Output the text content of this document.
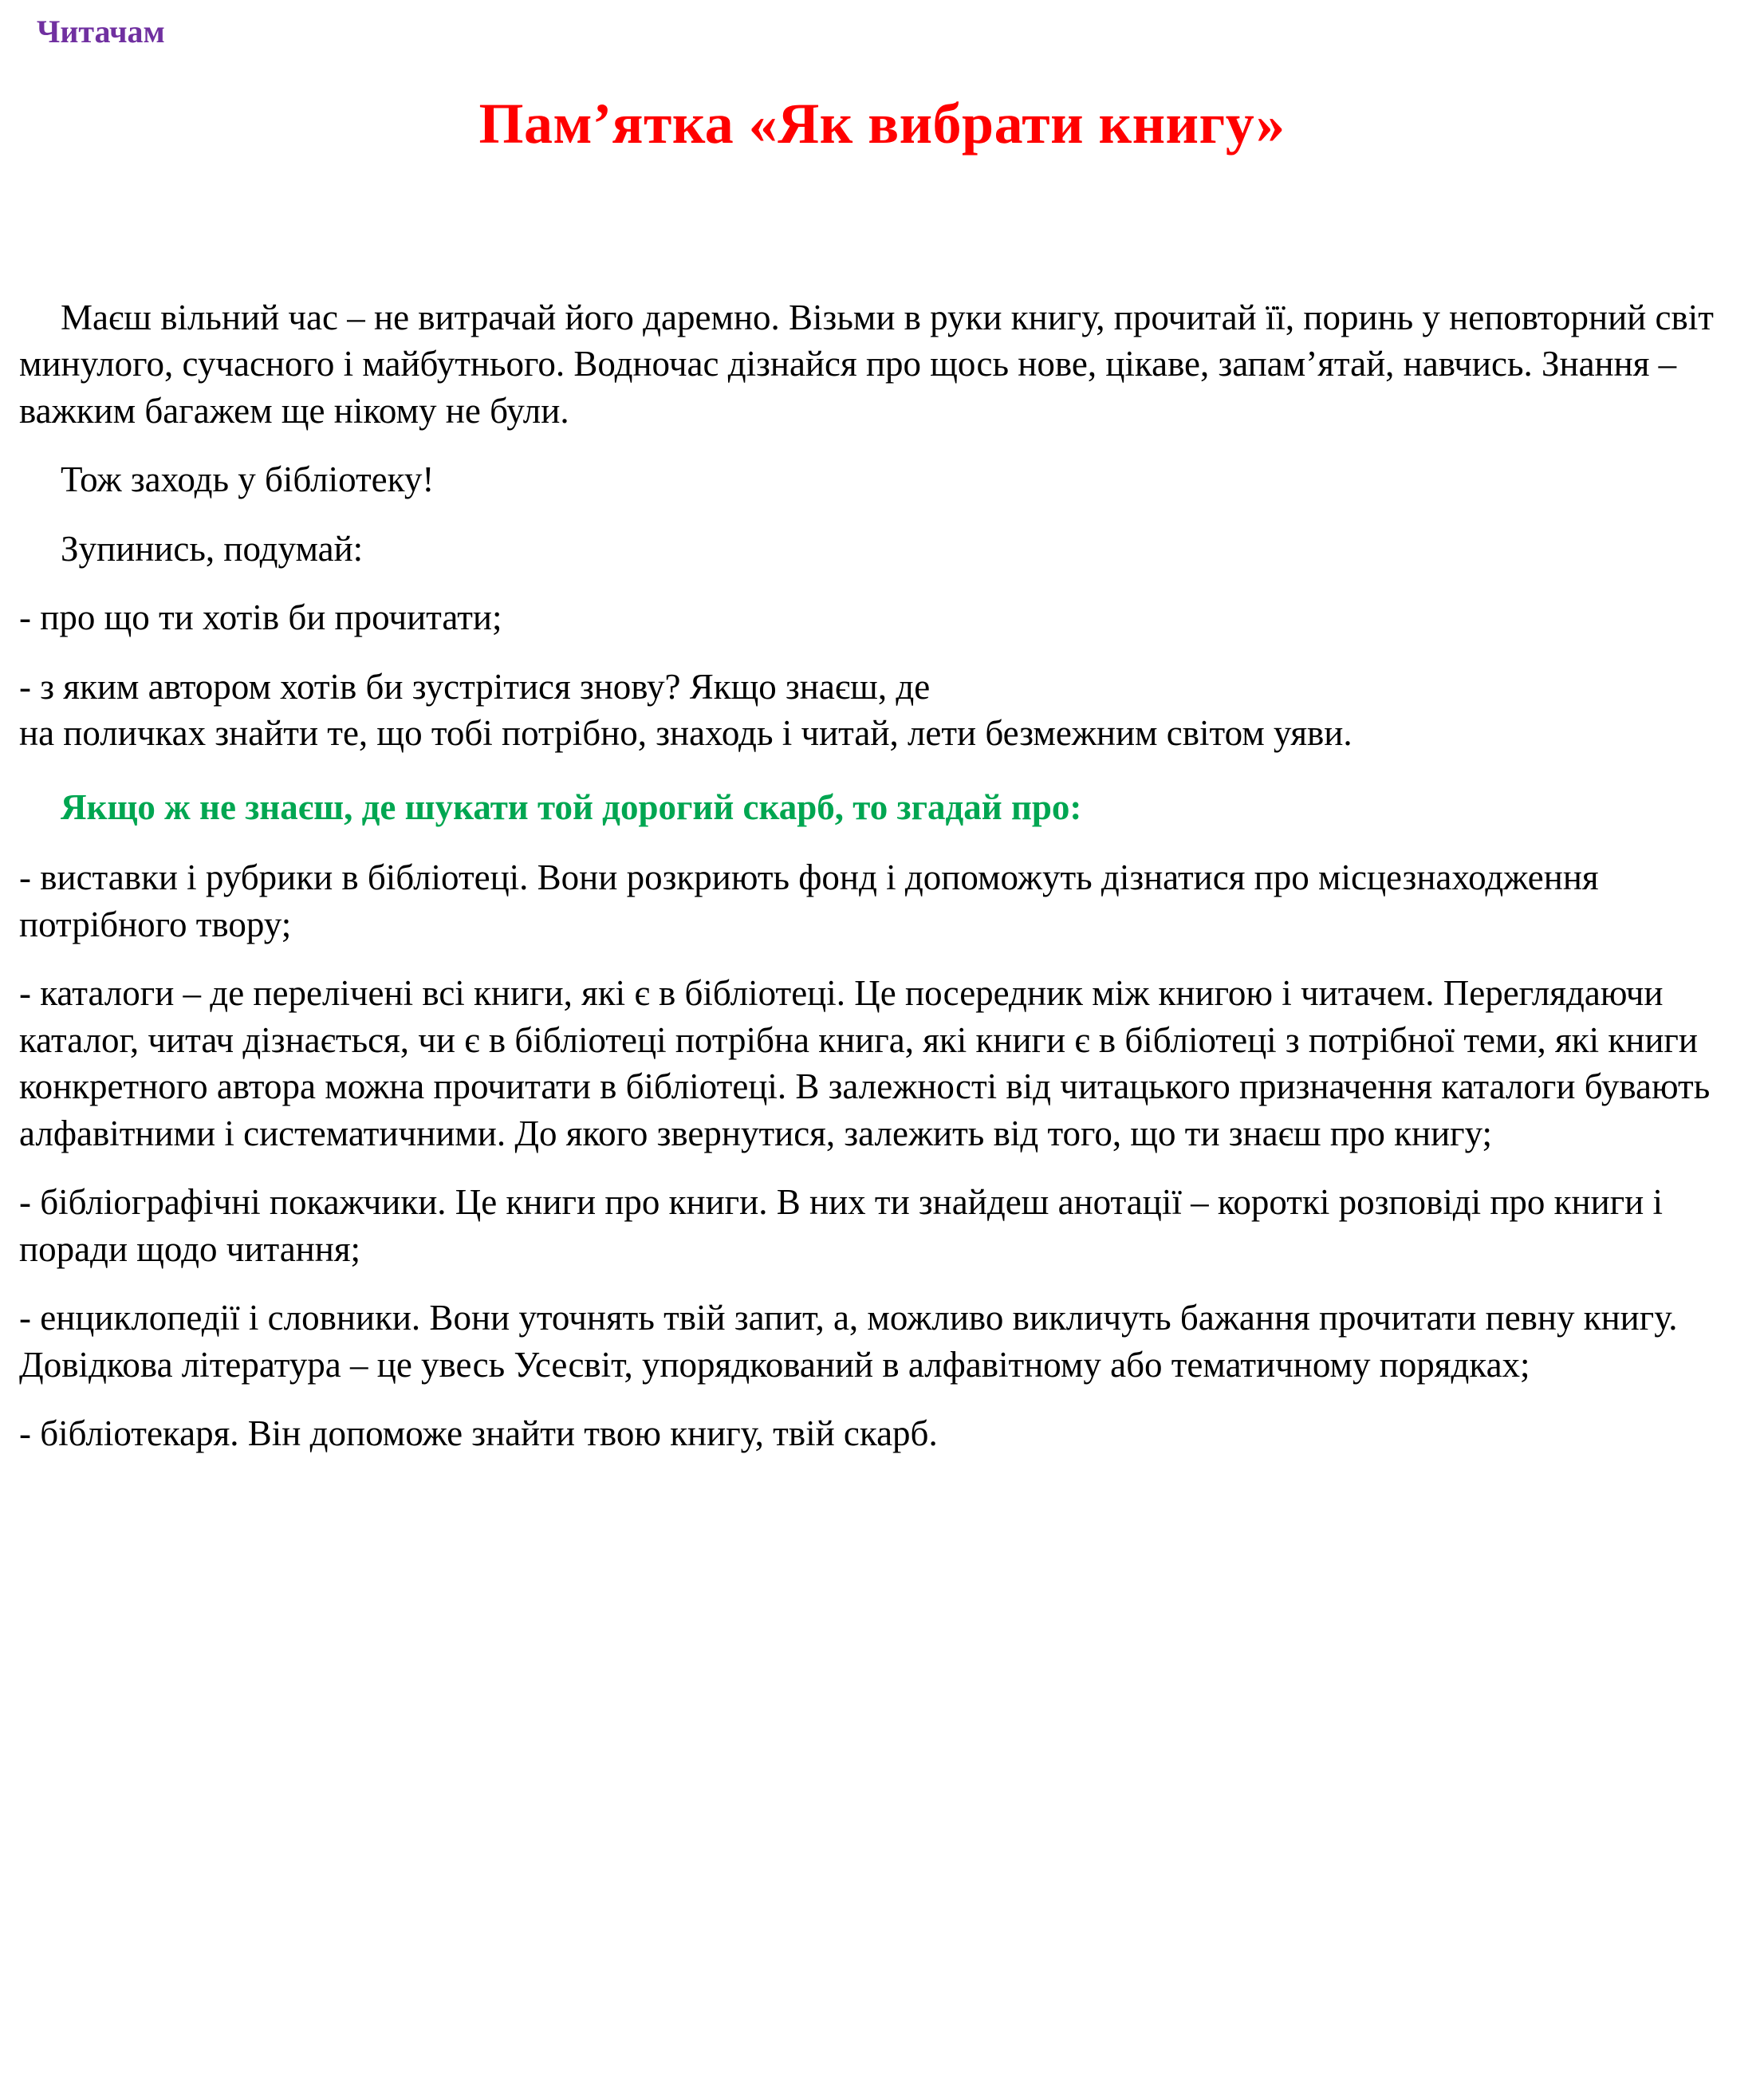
Читачам
Пам’ятка «Як вибрати книгу»

Маєш вільний час – не витрачай його даремно. Візьми в руки книгу, прочитай її, поринь у неповторний світ минулого, сучасного і майбутнього. Водночас дізнайся про щось нове, цікаве, запам’ятай, навчись. Знання – важким багажем ще нікому не були.

Тож заходь у бібліотеку!

Зупинись, подумай:

- про що ти хотів би прочитати;

- з яким автором хотів би зустрітися знову? Якщо знаєш, де

на поличках знайти те, що тобі потрібно, знаходь і читай, лети безмежним світом уяви.

Якщо ж не знаєш, де шукати той дорогий скарб, то згадай про:

- виставки і рубрики в бібліотеці. Вони розкриють фонд і допоможуть дізнатися про місцезнаходження потрібного твору;

- каталоги – де перелічені всі книги, які є в бібліотеці. Це посередник між книгою і читачем. Переглядаючи каталог, читач дізнається, чи є в бібліотеці потрібна книга, які книги є в бібліотеці з потрібної теми, які книги конкретного автора можна прочитати в бібліотеці. В залежності від читацького призначення каталоги бувають алфавітними і систематичними. До якого звернутися, залежить від того, що ти знаєш про книгу;

- бібліографічні покажчики. Це книги про книги. В них ти знайдеш анотації – короткі розповіді про книги і поради щодо читання;

- енциклопедії і словники. Вони уточнять твій запит, а, можливо викличуть бажання прочитати певну книгу. Довідкова література – це увесь Усесвіт, упорядкований в алфавітному або тематичному порядках;

- бібліотекаря. Він допоможе знайти твою книгу, твій скарб.
